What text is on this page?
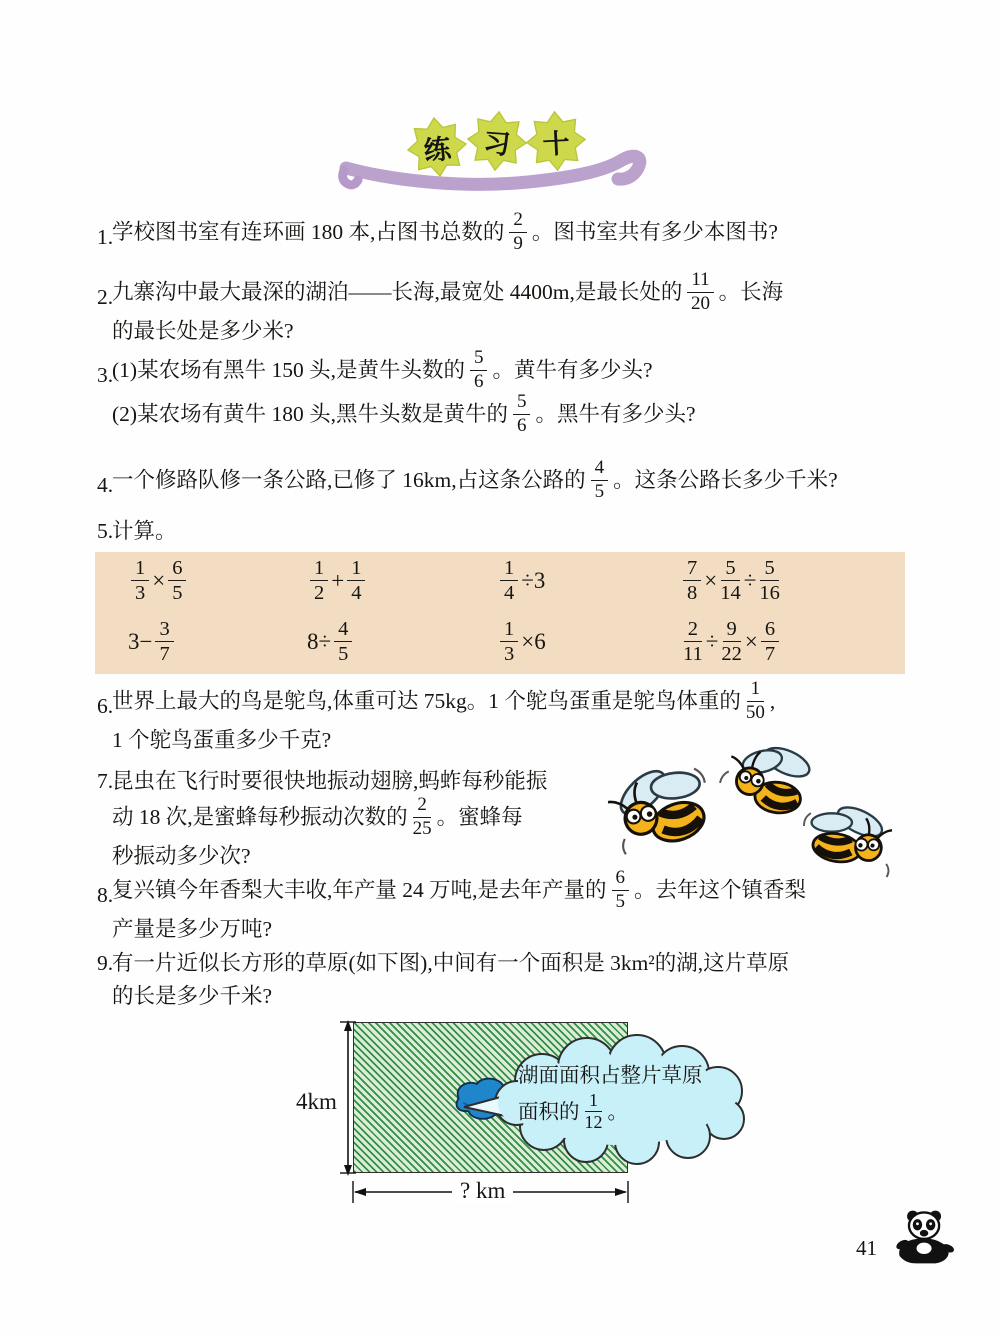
练	习	十
1.
学校图书室有连环画 180 本,占图书总数的 $\frac{2}{9}$ 。图书室共有多少本图书?
2.
九寨沟中最大最深的湖泊——长海,最宽处 4400m,是最长处的 $\frac{11}{20}$ 。长海
的最长处是多少米?
3.
(1)某农场有黑牛 150 头,是黄牛头数的 $\frac{5}{6}$ 。黄牛有多少头?
(2)某农场有黄牛 180 头,黑牛头数是黄牛的 $\frac{5}{6}$ 。黑牛有多少头?
4.
一个修路队修一条公路,已修了 16km,占这条公路的 $\frac{4}{5}$ 。这条公路长多少千米?
5.
计算。
$\frac{1}{3} \times \frac{6}{5}$	$\frac{1}{2} + \frac{1}{4}$	$\frac{1}{4} \div 3$	$\frac{7}{8} \times \frac{5}{14} \div \frac{5}{16}$
$3- \frac{3}{7}$	$8\div \frac{4}{5}$	$\frac{1}{3} \times 6$	$\frac{2}{11} \div \frac{9}{22} \times \frac{6}{7}$
6.
世界上最大的鸟是鸵鸟,体重可达 75kg。1 个鸵鸟蛋重是鸵鸟体重的 $\frac{1}{50}$ ,
1 个鸵鸟蛋重多少千克?
7.
昆虫在飞行时要很快地振动翅膀,蚂蚱每秒能振
动 18 次,是蜜蜂每秒振动次数的 $\frac{2}{25}$ 。蜜蜂每
秒振动多少次?
8.
复兴镇今年香梨大丰收,年产量 24 万吨,是去年产量的 $\frac{6}{5}$ 。去年这个镇香梨
产量是多少万吨?
9.
有一片近似长方形的草原(如下图),中间有一个面积是 3km²的湖,这片草原
的长是多少千米?
4km
? km
湖面面积占整片草原
面积的 $\frac{1}{12}$ 。
41
